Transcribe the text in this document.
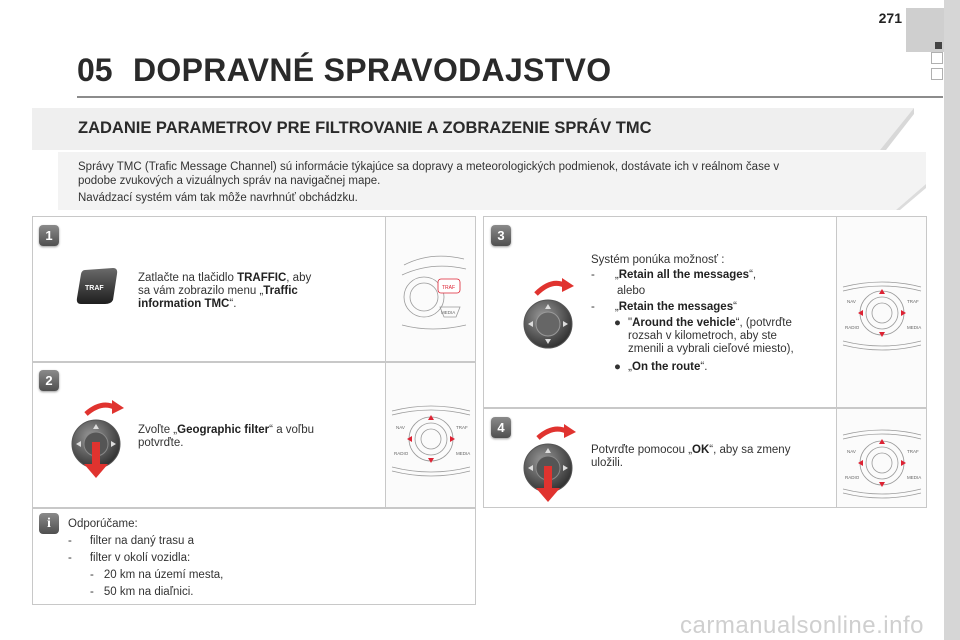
271
05 DOPRAVNÉ SPRAVODAJSTVO
ZADANIE PARAMETROV PRE FILTROVANIE A ZOBRAZENIE SPRÁV TMC
Správy TMC (Trafic Message Channel) sú informácie týkajúce sa dopravy a meteorologických podmienok, dostávate ich v reálnom čase v
podobe zvukových a vizuálnych správ na navigačnej mape.
Navádzací systém vám tak môže navrhnúť obchádzku.
TRAF
MEDIA
1
TRAF
Zatlačte na tlačidlo TRAFFIC, aby
sa vám zobrazilo menu „Traffic
information TMC“.
NAV	TRAF
RADIO	MEDIA
2
Zvoľte „Geographic filter“ a voľbu
potvrďte.
i	Odporúčame:
- filter na daný trasu a
- filter v okolí vozidla:
- 20 km na území mesta,
- 50 km na diaľnici.
NAV	TRAF
RADIO	MEDIA
3
Systém ponúka možnosť :
- „Retain all the messages“,
alebo
- „Retain the messages“
● "Around the vehicle“, (potvrďte
rozsah v kilometroch, aby ste
zmenili a vybrali cieľové miesto),
● „On the route“.
NAV	TRAF
RADIO	MEDIA
4
Potvrďte pomocou „OK“, aby sa zmeny
uložili.
carmanualsonline.info
